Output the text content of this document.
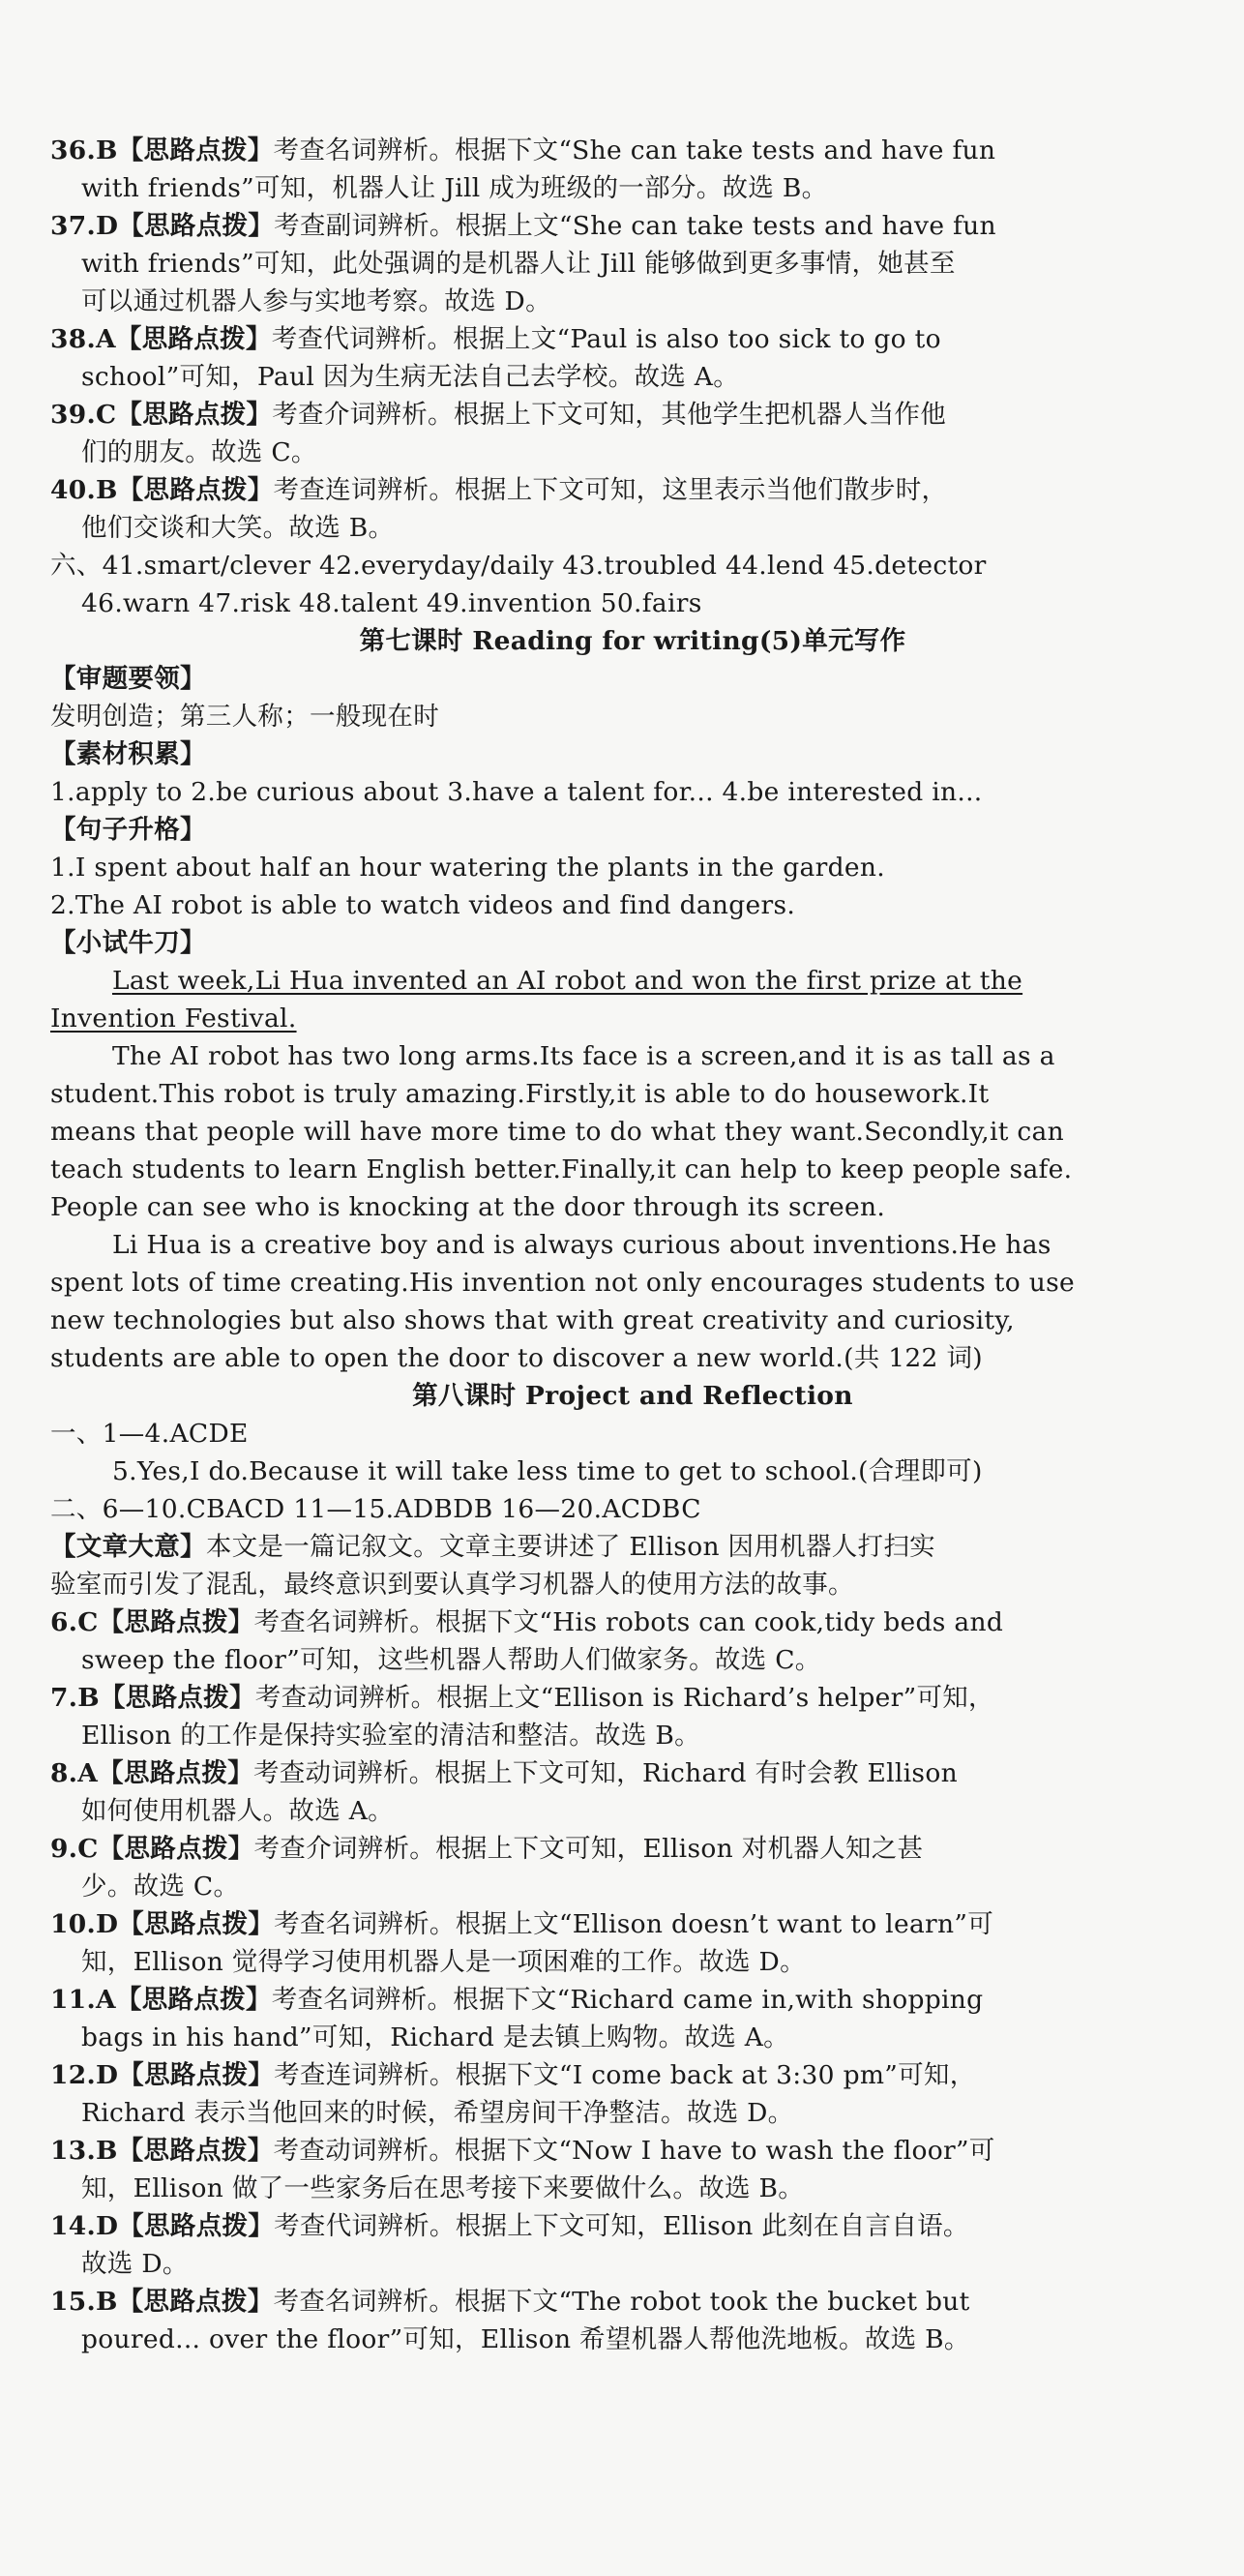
36.B【思路点拨】考查名词辨析。根据下文“She can take tests and have fun
with friends”可知，机器人让 Jill 成为班级的一部分。故选 B。
37.D【思路点拨】考查副词辨析。根据上文“She can take tests and have fun
with friends”可知，此处强调的是机器人让 Jill 能够做到更多事情，她甚至
可以通过机器人参与实地考察。故选 D。
38.A【思路点拨】考查代词辨析。根据上文“Paul is also too sick to go to
school”可知，Paul 因为生病无法自己去学校。故选 A。
39.C【思路点拨】考查介词辨析。根据上下文可知，其他学生把机器人当作他
们的朋友。故选 C。
40.B【思路点拨】考查连词辨析。根据上下文可知，这里表示当他们散步时，
他们交谈和大笑。故选 B。
六、41.smart/clever 42.everyday/daily 43.troubled 44.lend 45.detector
46.warn 47.risk 48.talent 49.invention 50.fairs
第七课时 Reading for writing(5)单元写作
【审题要领】
发明创造；第三人称；一般现在时
【素材积累】
1.apply to 2.be curious about 3.have a talent for... 4.be interested in...
【句子升格】
1.I spent about half an hour watering the plants in the garden.
2.The AI robot is able to watch videos and find dangers.
【小试牛刀】
Last week,Li Hua invented an AI robot and won the first prize at the
Invention Festival.
The AI robot has two long arms.Its face is a screen,and it is as tall as a
student.This robot is truly amazing.Firstly,it is able to do housework.It
means that people will have more time to do what they want.Secondly,it can
teach students to learn English better.Finally,it can help to keep people safe.
People can see who is knocking at the door through its screen.
Li Hua is a creative boy and is always curious about inventions.He has
spent lots of time creating.His invention not only encourages students to use
new technologies but also shows that with great creativity and curiosity,
students are able to open the door to discover a new world.(共 122 词)
第八课时 Project and Reflection
一、1—4.ACDE
5.Yes,I do.Because it will take less time to get to school.(合理即可)
二、6—10.CBACD 11—15.ADBDB 16—20.ACDBC
【文章大意】本文是一篇记叙文。文章主要讲述了 Ellison 因用机器人打扫实
验室而引发了混乱，最终意识到要认真学习机器人的使用方法的故事。
6.C【思路点拨】考查名词辨析。根据下文“His robots can cook,tidy beds and
sweep the floor”可知，这些机器人帮助人们做家务。故选 C。
7.B【思路点拨】考查动词辨析。根据上文“Ellison is Richard’s helper”可知，
Ellison 的工作是保持实验室的清洁和整洁。故选 B。
8.A【思路点拨】考查动词辨析。根据上下文可知，Richard 有时会教 Ellison
如何使用机器人。故选 A。
9.C【思路点拨】考查介词辨析。根据上下文可知，Ellison 对机器人知之甚
少。故选 C。
10.D【思路点拨】考查名词辨析。根据上文“Ellison doesn’t want to learn”可
知，Ellison 觉得学习使用机器人是一项困难的工作。故选 D。
11.A【思路点拨】考查名词辨析。根据下文“Richard came in,with shopping
bags in his hand”可知，Richard 是去镇上购物。故选 A。
12.D【思路点拨】考查连词辨析。根据下文“I come back at 3:30 pm”可知，
Richard 表示当他回来的时候，希望房间干净整洁。故选 D。
13.B【思路点拨】考查动词辨析。根据下文“Now I have to wash the floor”可
知，Ellison 做了一些家务后在思考接下来要做什么。故选 B。
14.D【思路点拨】考查代词辨析。根据上下文可知，Ellison 此刻在自言自语。
故选 D。
15.B【思路点拨】考查名词辨析。根据下文“The robot took the bucket but
poured... over the floor”可知，Ellison 希望机器人帮他洗地板。故选 B。
